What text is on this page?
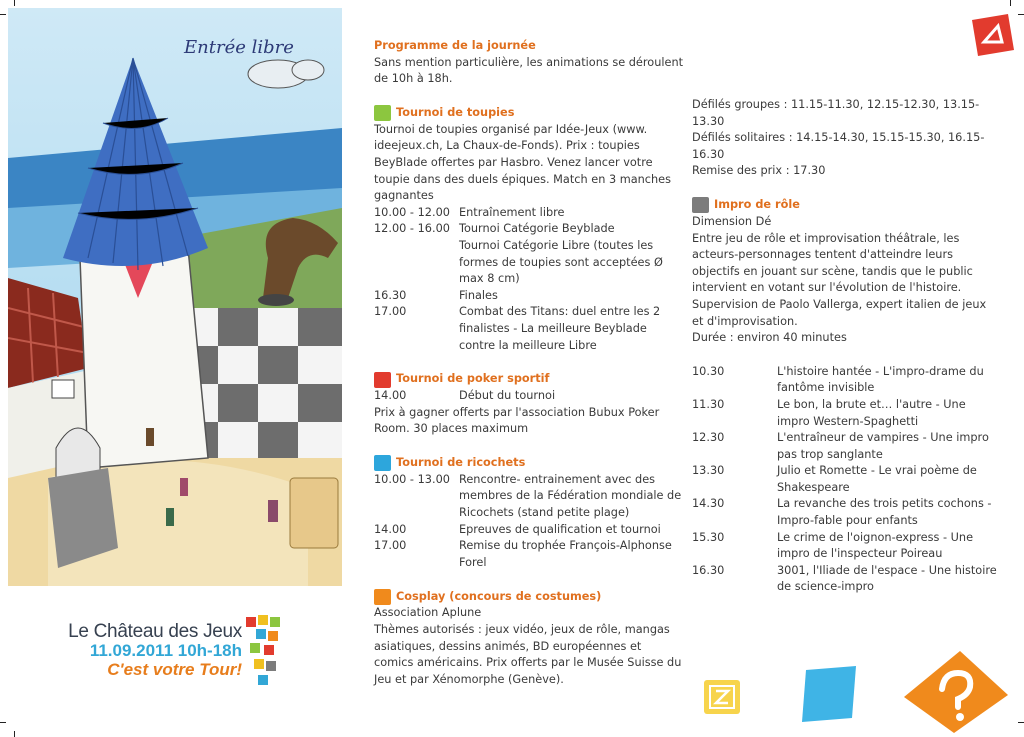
Entrée libre
Le Château des Jeux
11.09.2011 10h-18h
C'est votre Tour!
Programme de la journée
Sans mention particulière, les animations se déroulent de 10h à 18h.
Tournoi de toupies
Tournoi de toupies organisé par Idée-Jeux (www. ideejeux.ch, La Chaux-de-Fonds). Prix : toupies BeyBlade offertes par Hasbro. Venez lancer votre toupie dans des duels épiques. Match en 3 manches gagnantes
10.00 - 12.00 Entraînement libre
12.00 - 16.00 Tournoi Catégorie Beyblade
Tournoi Catégorie Libre (toutes les formes de toupies sont acceptées Ø max 8 cm)
16.30	Finales
17.00	Combat des Titans: duel entre les 2 finalistes - La meilleure Beyblade contre la meilleure Libre
Tournoi de poker sportif
14.00	Début du tournoi
Prix à gagner offerts par l'association Bubux Poker Room. 30 places maximum
Tournoi de ricochets
10.00 - 13.00 Rencontre- entrainement avec des membres de la Fédération mondiale de Ricochets (stand petite plage)
14.00	Epreuves de qualification et tournoi
17.00	Remise du trophée François-Alphonse Forel
Cosplay (concours de costumes)
Association Aplune
Thèmes autorisés : jeux vidéo, jeux de rôle, mangas asiatiques, dessins animés, BD européennes et comics américains. Prix offerts par le Musée Suisse du Jeu et par Xénomorphe (Genève).
Défilés groupes : 11.15-11.30, 12.15-12.30, 13.15-13.30
Défilés solitaires : 14.15-14.30, 15.15-15.30, 16.15-16.30
Remise des prix : 17.30
Impro de rôle
Dimension Dé
Entre jeu de rôle et improvisation théâtrale, les acteurs-personnages tentent d'atteindre leurs objectifs en jouant sur scène, tandis que le public intervient en votant sur l'évolution de l'histoire. Supervision de Paolo Vallerga, expert italien de jeux et d'improvisation.
Durée : environ 40 minutes
10.30	L'histoire hantée - L'impro-drame du fantôme invisible
11.30	Le bon, la brute et… l'autre - Une impro Western-Spaghetti
12.30	L'entraîneur de vampires - Une impro pas trop sanglante
13.30	Julio et Romette - Le vrai poème de Shakespeare
14.30	La revanche des trois petits cochons - Impro-fable pour enfants
15.30	Le crime de l'oignon-express - Une impro de l'inspecteur Poireau
16.30	3001, l'Iliade de l'espace - Une histoire de science-impro
